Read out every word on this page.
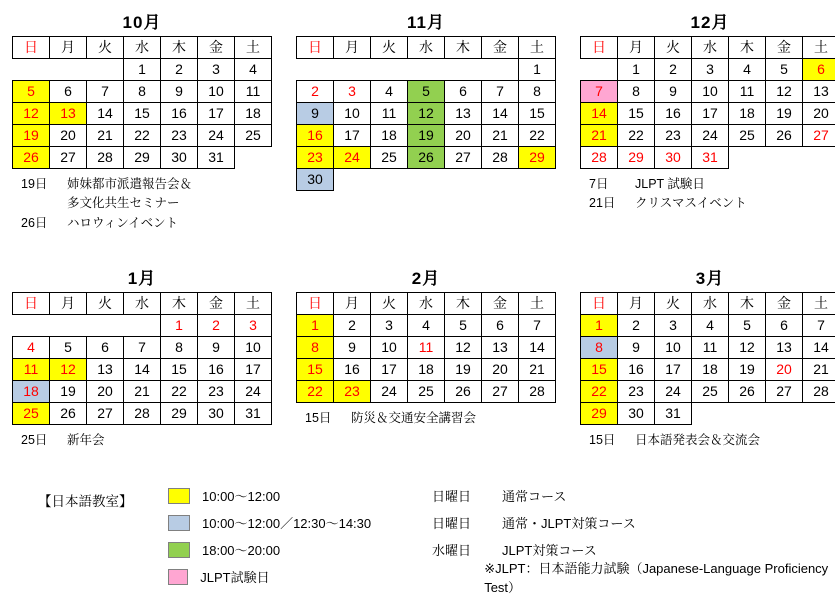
10月
日	月	火	水	木	金	土
			1	2	3	4
5	6	7	8	9	10	11
12	13	14	15	16	17	18
19	20	21	22	23	24	25
26	27	28	29	30	31	
19日	姉妹都市派遣報告会＆
多文化共生セミナー
26日	ハロウィンイベント
11月
日	月	火	水	木	金	土
						1
2	3	4	5	6	7	8
9	10	11	12	13	14	15
16	17	18	19	20	21	22
23	24	25	26	27	28	29
30						
12月
日	月	火	水	木	金	土
	1	2	3	4	5	6
7	8	9	10	11	12	13
14	15	16	17	18	19	20
21	22	23	24	25	26	27
28	29	30	31			
7日	JLPT 試験日
21日	クリスマスイベント
1月
日	月	火	水	木	金	土
				1	2	3
4	5	6	7	8	9	10
11	12	13	14	15	16	17
18	19	20	21	22	23	24
25	26	27	28	29	30	31
25日	新年会
2月
日	月	火	水	木	金	土
1	2	3	4	5	6	7
8	9	10	11	12	13	14
15	16	17	18	19	20	21
22	23	24	25	26	27	28
15日	防災＆交通安全講習会
3月
日	月	火	水	木	金	土
1	2	3	4	5	6	7
8	9	10	11	12	13	14
15	16	17	18	19	20	21
22	23	24	25	26	27	28
29	30	31				
15日	日本語発表会＆交流会
【日本語教室】	10:00～12:00	日曜日	通常コース
10:00～12:00／12:30～14:30	日曜日	通常・JLPT対策コース
18:00～20:00	水曜日	JLPT対策コース
JLPT試験日
※JLPT：日本語能力試験（Japanese-Language Proficiency Test）
